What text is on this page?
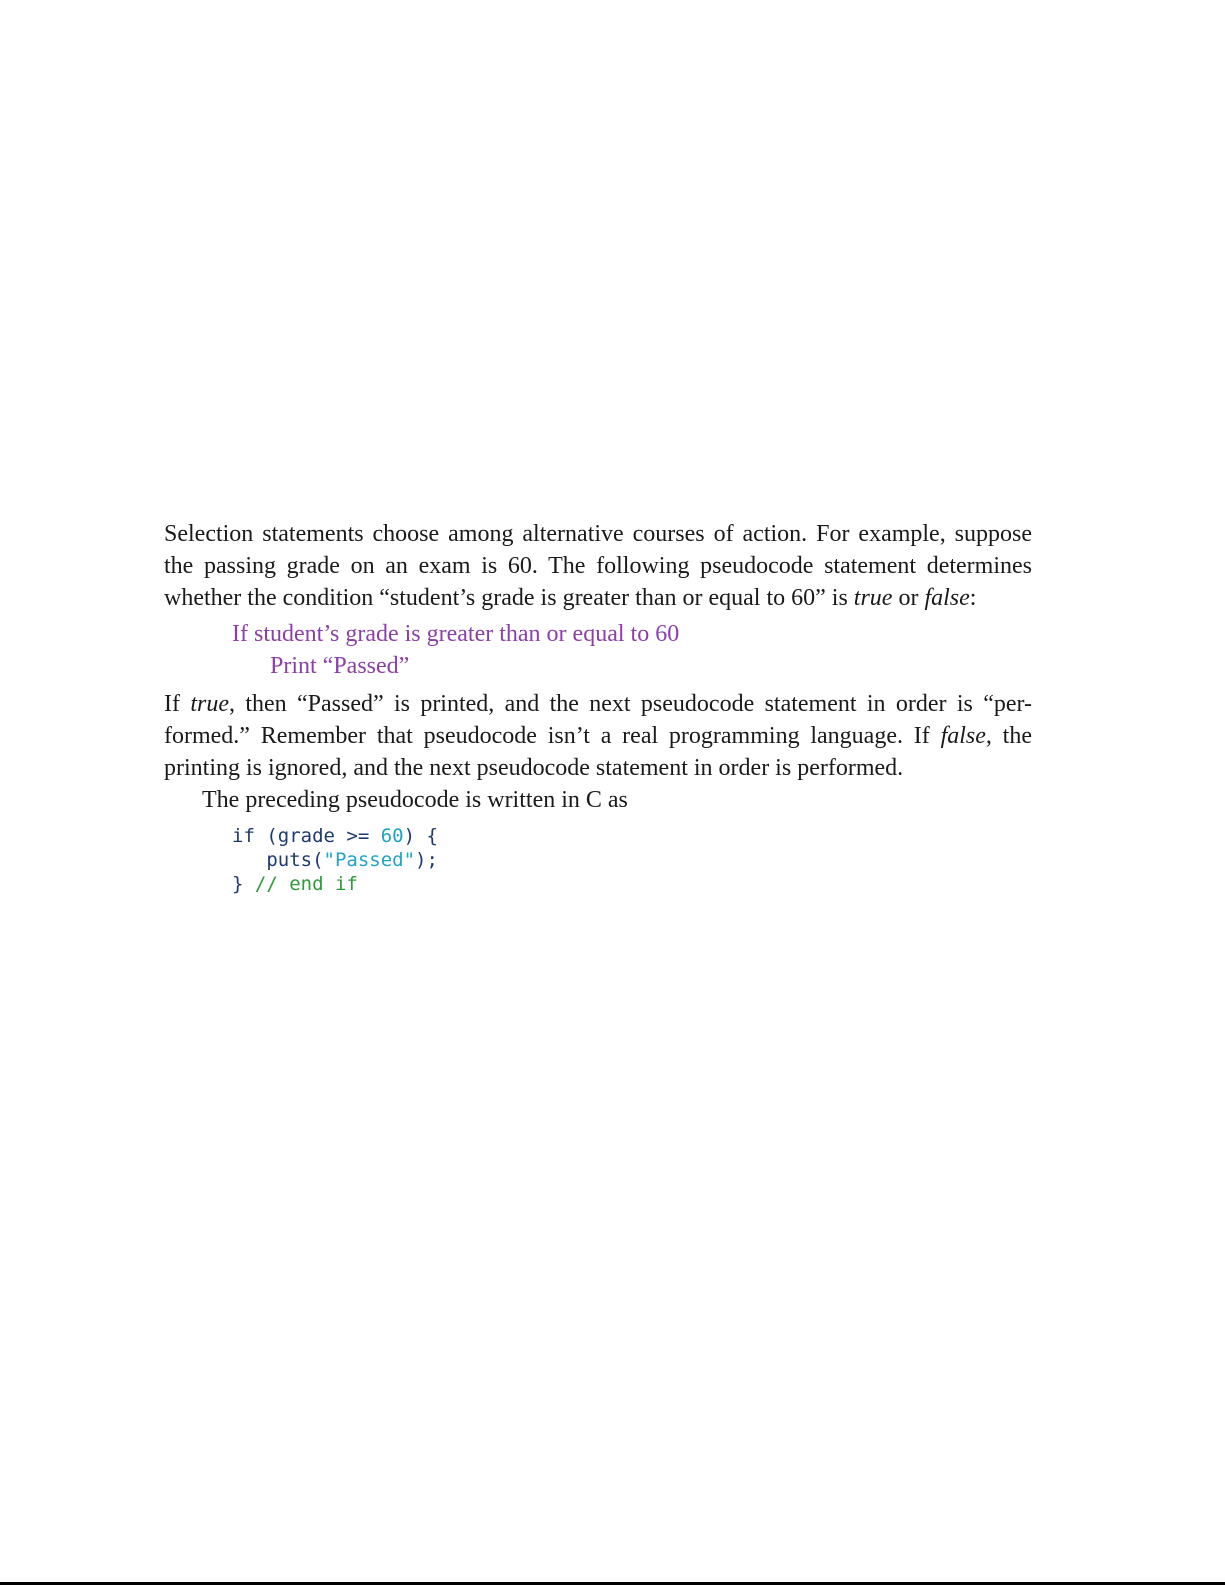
Selection statements choose among alternative courses of action. For example, suppose
the passing grade on an exam is 60. The following pseudocode statement determines
whether the condition “student’s grade is greater than or equal to 60” is true or false:

If student’s grade is greater than or equal to 60
Print “Passed”

If true, then “Passed” is printed, and the next pseudocode statement in order is “per-
formed.” Remember that pseudocode isn’t a real programming language. If false, the
printing is ignored, and the next pseudocode statement in order is performed.

The preceding pseudocode is written in C as

if (grade >= 60) {
puts("Passed");
} // end if
